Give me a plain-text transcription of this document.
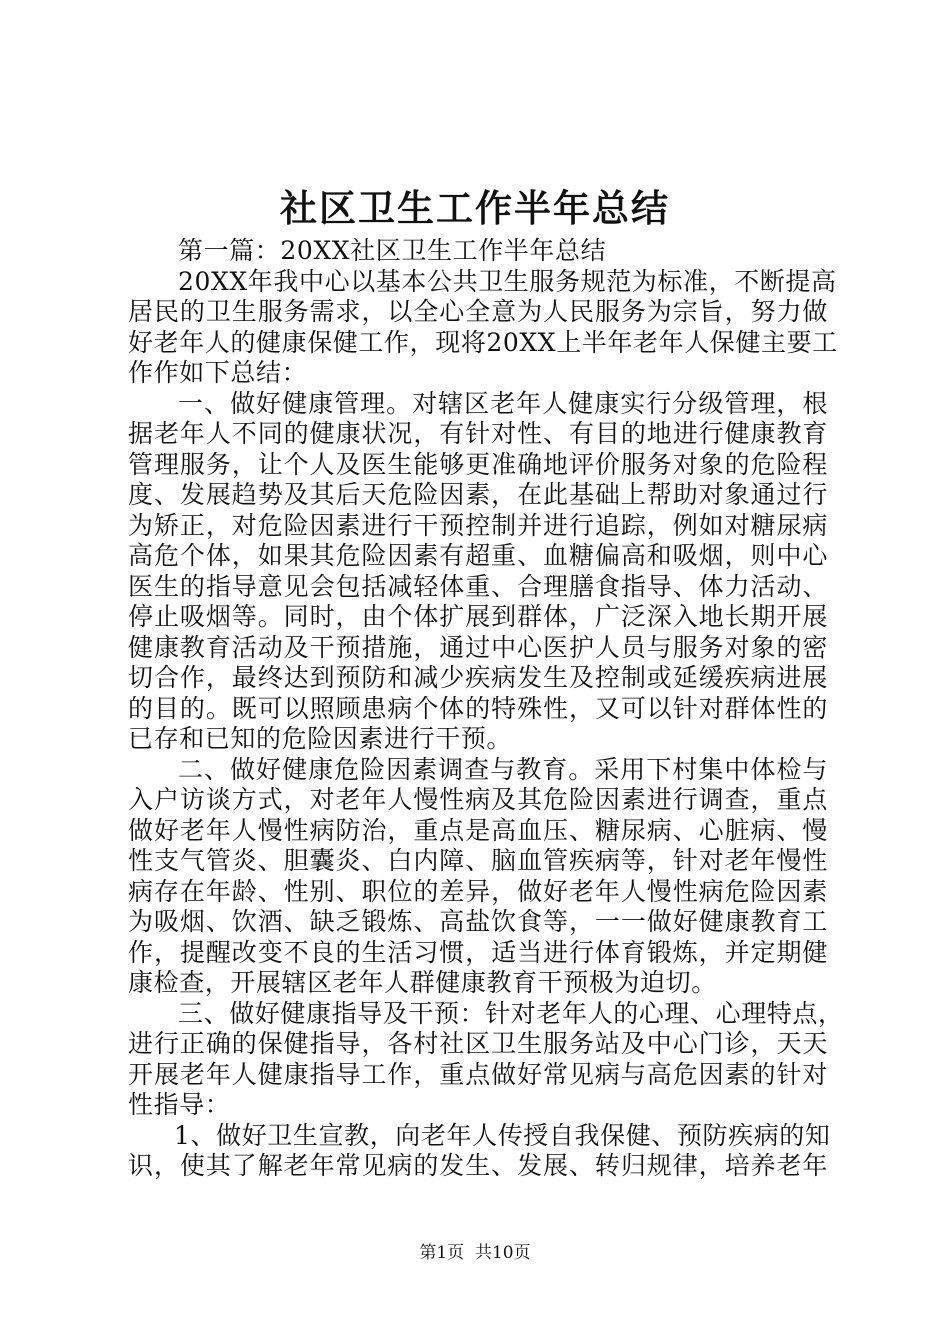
社区卫生工作半年总结
第一篇：20XX社区卫生工作半年总结
20XX年我中心以基本公共卫生服务规范为标准，不断提高
居民的卫生服务需求，以全心全意为人民服务为宗旨，努力做
好老年人的健康保健工作，现将20XX上半年老年人保健主要工
作作如下总结：
一、做好健康管理。对辖区老年人健康实行分级管理，根
据老年人不同的健康状况，有针对性、有目的地进行健康教育
管理服务，让个人及医生能够更准确地评价服务对象的危险程
度、发展趋势及其后天危险因素，在此基础上帮助对象通过行
为矫正，对危险因素进行干预控制并进行追踪，例如对糖尿病
高危个体，如果其危险因素有超重、血糖偏高和吸烟，则中心
医生的指导意见会包括减轻体重、合理膳食指导、体力活动、
停止吸烟等。同时，由个体扩展到群体，广泛深入地长期开展
健康教育活动及干预措施，通过中心医护人员与服务对象的密
切合作，最终达到预防和减少疾病发生及控制或延缓疾病进展
的目的。既可以照顾患病个体的特殊性，又可以针对群体性的
已存和已知的危险因素进行干预。
二、做好健康危险因素调查与教育。采用下村集中体检与
入户访谈方式，对老年人慢性病及其危险因素进行调查，重点
做好老年人慢性病防治，重点是高血压、糖尿病、心脏病、慢
性支气管炎、胆囊炎、白内障、脑血管疾病等，针对老年慢性
病存在年龄、性别、职位的差异，做好老年人慢性病危险因素
为吸烟、饮酒、缺乏锻炼、高盐饮食等，一一做好健康教育工
作，提醒改变不良的生活习惯，适当进行体育锻炼，并定期健
康检查，开展辖区老年人群健康教育干预极为迫切。
三、做好健康指导及干预：针对老年人的心理、心理特点，
进行正确的保健指导，各村社区卫生服务站及中心门诊，天天
开展老年人健康指导工作，重点做好常见病与高危因素的针对
性指导：
1、做好卫生宣教，向老年人传授自我保健、预防疾病的知
识，使其了解老年常见病的发生、发展、转归规律，培养老年
第1页  共10页
